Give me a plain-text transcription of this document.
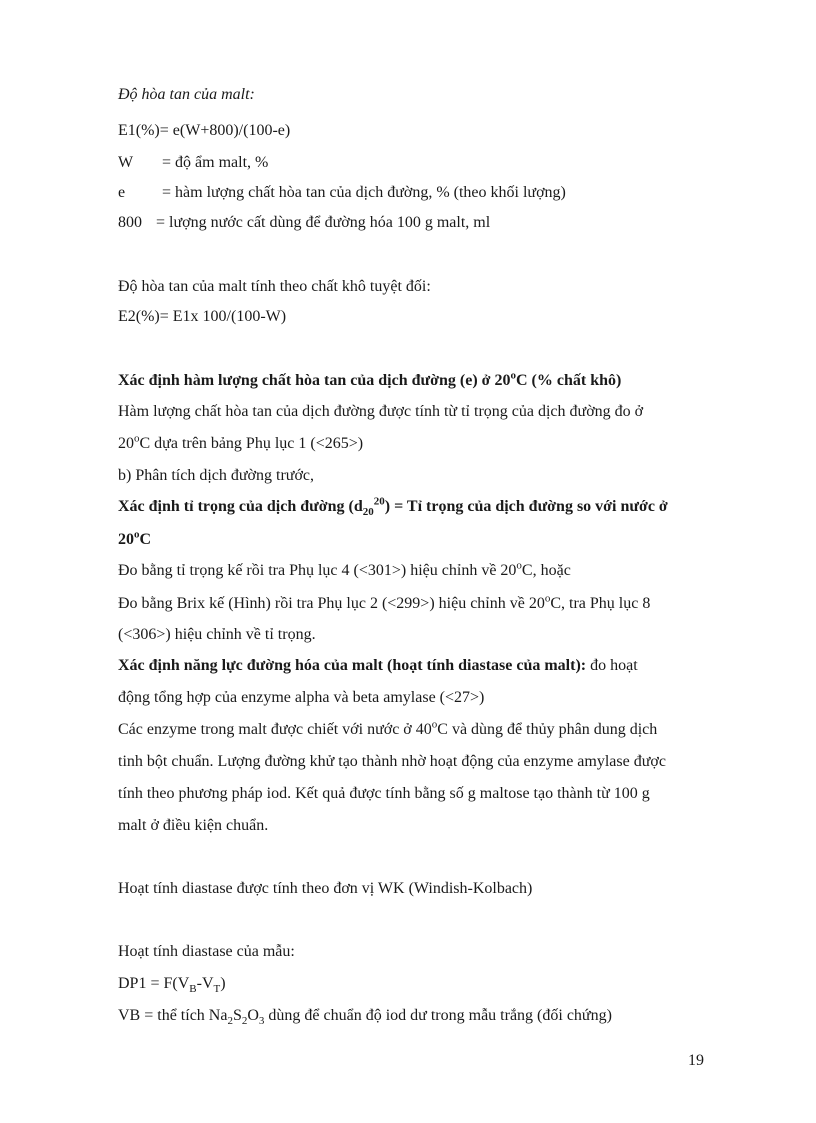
Độ hòa tan của malt:
E1(%)= e(W+800)/(100-e)
W = độ ẩm malt, %
e = hàm lượng chất hòa tan của dịch đường, % (theo khối lượng)
800 = lượng nước cất dùng để đường hóa 100 g malt, ml
Độ hòa tan của malt tính theo chất khô tuyệt đối:
E2(%)= E1x 100/(100-W)
Xác định hàm lượng chất hòa tan của dịch đường (e) ở 20$^o$C (% chất khô)
Hàm lượng chất hòa tan của dịch đường được tính từ tỉ trọng của dịch đường đo ở
20$^o$C dựa trên bảng Phụ lục 1 (<265>)
b) Phân tích dịch đường trước,
Xác định tỉ trọng của dịch đường $(d_{20}^{20})$ = Tỉ trọng của dịch đường so với nước ở
20$^o$C
Đo bằng tỉ trọng kế rồi tra Phụ lục 4 (<301>) hiệu chỉnh về 20$^o$C, hoặc
Đo bằng Brix kế (Hình) rồi tra Phụ lục 2 (<299>) hiệu chỉnh về 20$^o$C, tra Phụ lục 8
(<306>) hiệu chỉnh về tỉ trọng.
Xác định năng lực đường hóa của malt (hoạt tính diastase của malt): đo hoạt
động tổng hợp của enzyme alpha và beta amylase (<27>)
Các enzyme trong malt được chiết với nước ở 40$^o$C và dùng để thủy phân dung dịch
tinh bột chuẩn. Lượng đường khử tạo thành nhờ hoạt động của enzyme amylase được
tính theo phương pháp iod. Kết quả được tính bằng số g maltose tạo thành từ 100 g
malt ở điều kiện chuẩn.
Hoạt tính diastase được tính theo đơn vị WK (Windish-Kolbach)
Hoạt tính diastase của mẫu:
$DP1 = F(V_B-V_T)$
VB = thể tích $Na_2S_2O_3$ dùng để chuẩn độ iod dư trong mẫu trắng (đối chứng)
19
